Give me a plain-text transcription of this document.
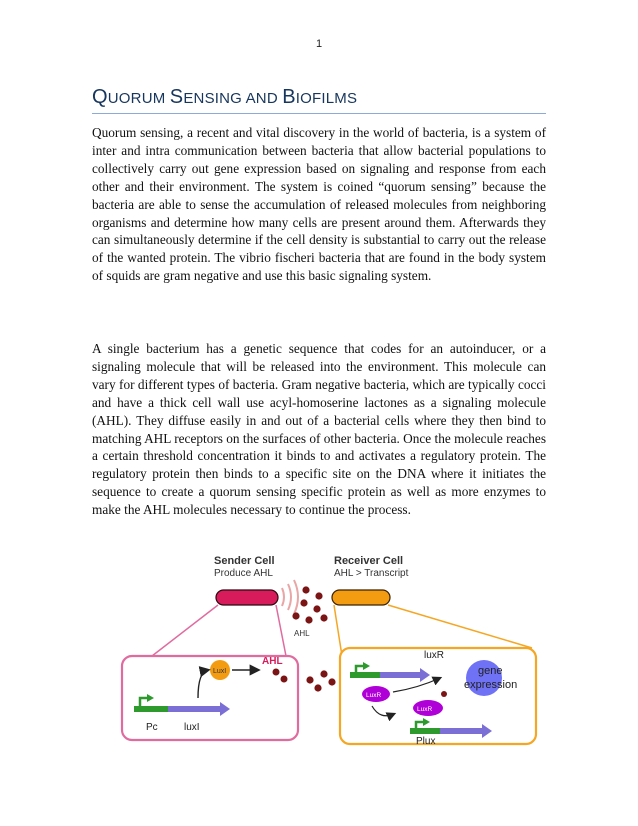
1
QUORUM SENSING AND BIOFILMS

Quorum sensing, a recent and vital discovery in the world of bacteria, is a system of inter and intra communication between bacteria that allow bacterial populations to collectively carry out gene expression based on signaling and response from each other and their environment. The system is coined “quorum sensing” because the bacteria are able to sense the accumulation of released molecules from neighboring organisms and determine how many cells are present around them. Afterwards they can simultaneously determine if the cell density is substantial to carry out the release of the wanted protein. The vibrio fischeri bacteria that are found in the body system of squids are gram negative and use this basic signaling system.

A single bacterium has a genetic sequence that codes for an autoinducer, or a signaling molecule that will be released into the environment. This molecule can vary for different types of bacteria. Gram negative bacteria, which are typically cocci and have a thick cell wall use acyl-homoserine lactones as a signaling molecule (AHL). They diffuse easily in and out of a bacterial cells where they then bind to matching AHL receptors on the surfaces of other bacteria. Once the molecule reaches a certain threshold concentration it binds to and activates a regulatory protein. The regulatory protein then binds to a specific site on the DNA where it initiates the sequence to create a quorum sensing specific protein as well as more enzymes to make the AHL molecules necessary to continue the process.

Sender Cell
Produce AHL
Receiver Cell
AHL > Transcript
AHL
LuxI
AHL
Pc	luxI
luxR
LuxR
LuxR
gene
expression
Plux
